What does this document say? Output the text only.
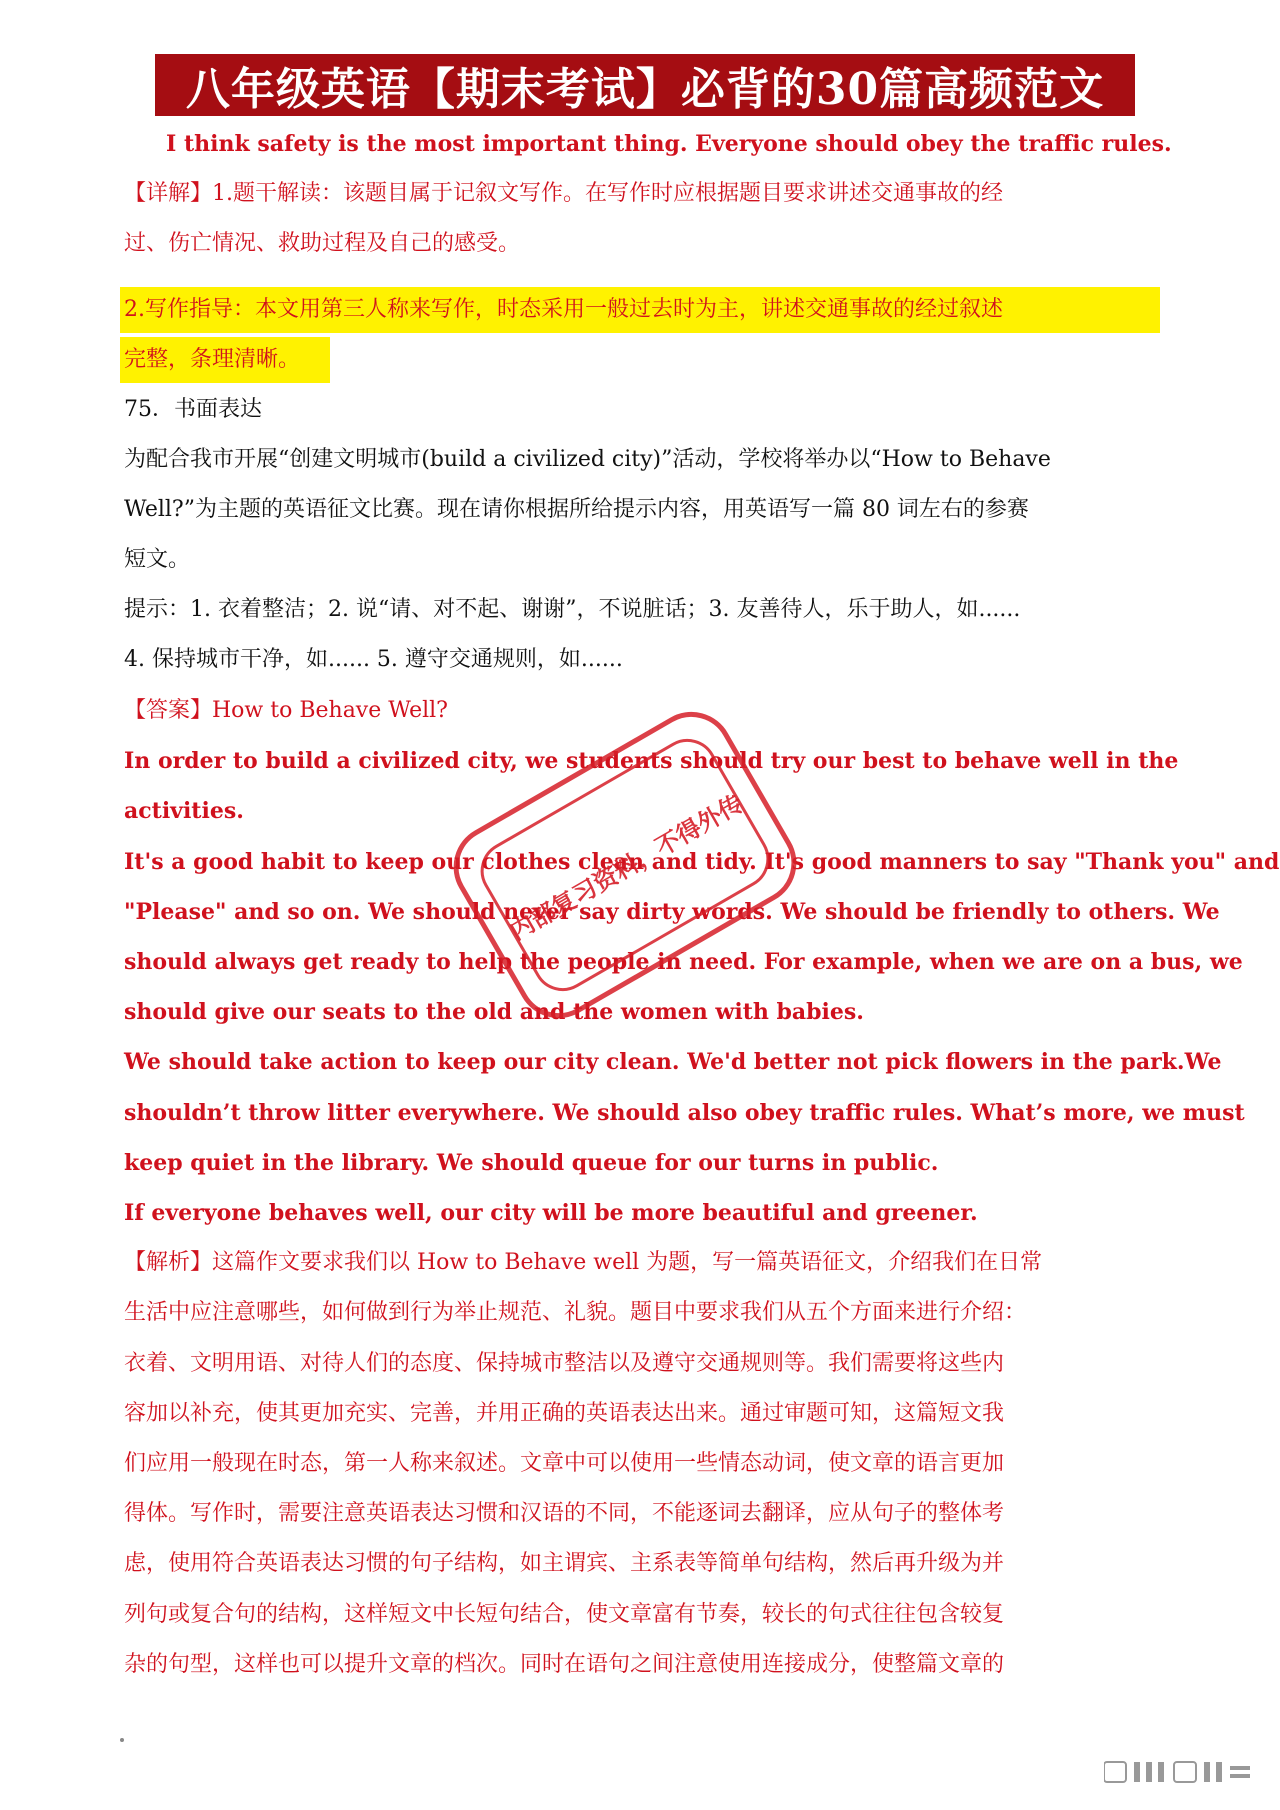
八年级英语【期末考试】必背的30篇高频范文
I think safety is the most important thing. Everyone should obey the traffic rules.
【详解】1.题干解读：该题目属于记叙文写作。在写作时应根据题目要求讲述交通事故的经
过、伤亡情况、救助过程及自己的感受。
2.写作指导：本文用第三人称来写作，时态采用一般过去时为主，讲述交通事故的经过叙述
完整，条理清晰。
75．书面表达
为配合我市开展“创建文明城市(build a civilized city)”活动，学校将举办以“How to Behave
Well?”为主题的英语征文比赛。现在请你根据所给提示内容，用英语写一篇 80 词左右的参赛
短文。
提示：1. 衣着整洁；2. 说“请、对不起、谢谢”，不说脏话；3. 友善待人，乐于助人，如......
4. 保持城市干净，如...... 5. 遵守交通规则，如......
【答案】How to Behave Well?
In order to build a civilized city, we students should try our best to behave well in the
activities.
It's a good habit to keep our clothes clean and tidy. It's good manners to say "Thank you" and
"Please" and so on. We should never say dirty words. We should be friendly to others. We
should always get ready to help the people in need. For example, when we are on a bus, we
should give our seats to the old and the women with babies.
We should take action to keep our city clean. We'd better not pick flowers in the park.We
shouldn’t throw litter everywhere. We should also obey traffic rules. What’s more, we must
keep quiet in the library. We should queue for our turns in public.
If everyone behaves well, our city will be more beautiful and greener.
【解析】这篇作文要求我们以 How to Behave well 为题，写一篇英语征文，介绍我们在日常
生活中应注意哪些，如何做到行为举止规范、礼貌。题目中要求我们从五个方面来进行介绍：
衣着、文明用语、对待人们的态度、保持城市整洁以及遵守交通规则等。我们需要将这些内
容加以补充，使其更加充实、完善，并用正确的英语表达出来。通过审题可知，这篇短文我
们应用一般现在时态，第一人称来叙述。文章中可以使用一些情态动词，使文章的语言更加
得体。写作时，需要注意英语表达习惯和汉语的不同，不能逐词去翻译，应从句子的整体考
虑，使用符合英语表达习惯的句子结构，如主谓宾、主系表等简单句结构，然后再升级为并
列句或复合句的结构，这样短文中长短句结合，使文章富有节奏，较长的句式往往包含较复
杂的句型，这样也可以提升文章的档次。同时在语句之间注意使用连接成分，使整篇文章的
内部复习资料，不得外传
